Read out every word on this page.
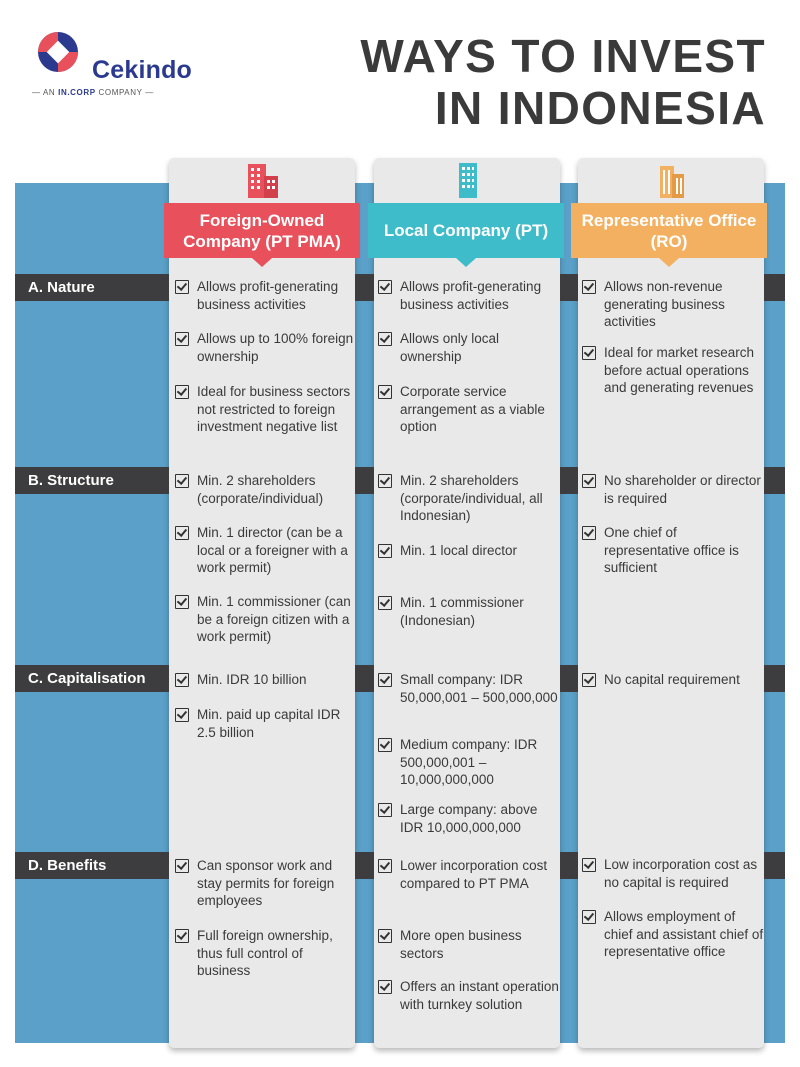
Cekindo
— AN IN.CORP COMPANY —
WAYS TO INVEST
IN INDONESIA
Foreign-Owned Company (PT PMA)
Local Company (PT)
Representative Office (RO)
A. Nature
B. Structure
C. Capitalisation
D. Benefits
Allows profit-generating business activities
Allows up to 100% foreign ownership
Ideal for business sectors not restricted to foreign investment negative list
Allows profit-generating business activities
Allows only local ownership
Corporate service arrangement as a viable option
Allows non-revenue generating business activities
Ideal for market research before actual operations and generating revenues
Min. 2 shareholders (corporate/individual)
Min. 1 director (can be a local or a foreigner with a work permit)
Min. 1 commissioner (can be a foreign citizen with a work permit)
Min. 2 shareholders (corporate/individual, all Indonesian)
Min. 1 local director
Min. 1 commissioner (Indonesian)
No shareholder or director is required
One chief of representative office is sufficient
Min. IDR 10 billion
Min. paid up capital IDR 2.5 billion
Small company: IDR 50,000,001 – 500,000,000
Medium company: IDR 500,000,001 – 10,000,000,000
Large company: above IDR 10,000,000,000
No capital requirement
Can sponsor work and stay permits for foreign employees
Full foreign ownership, thus full control of business
Lower incorporation cost compared to PT PMA
More open business sectors
Offers an instant operation with turnkey solution
Low incorporation cost as no capital is required
Allows employment of chief and assistant chief of representative office
